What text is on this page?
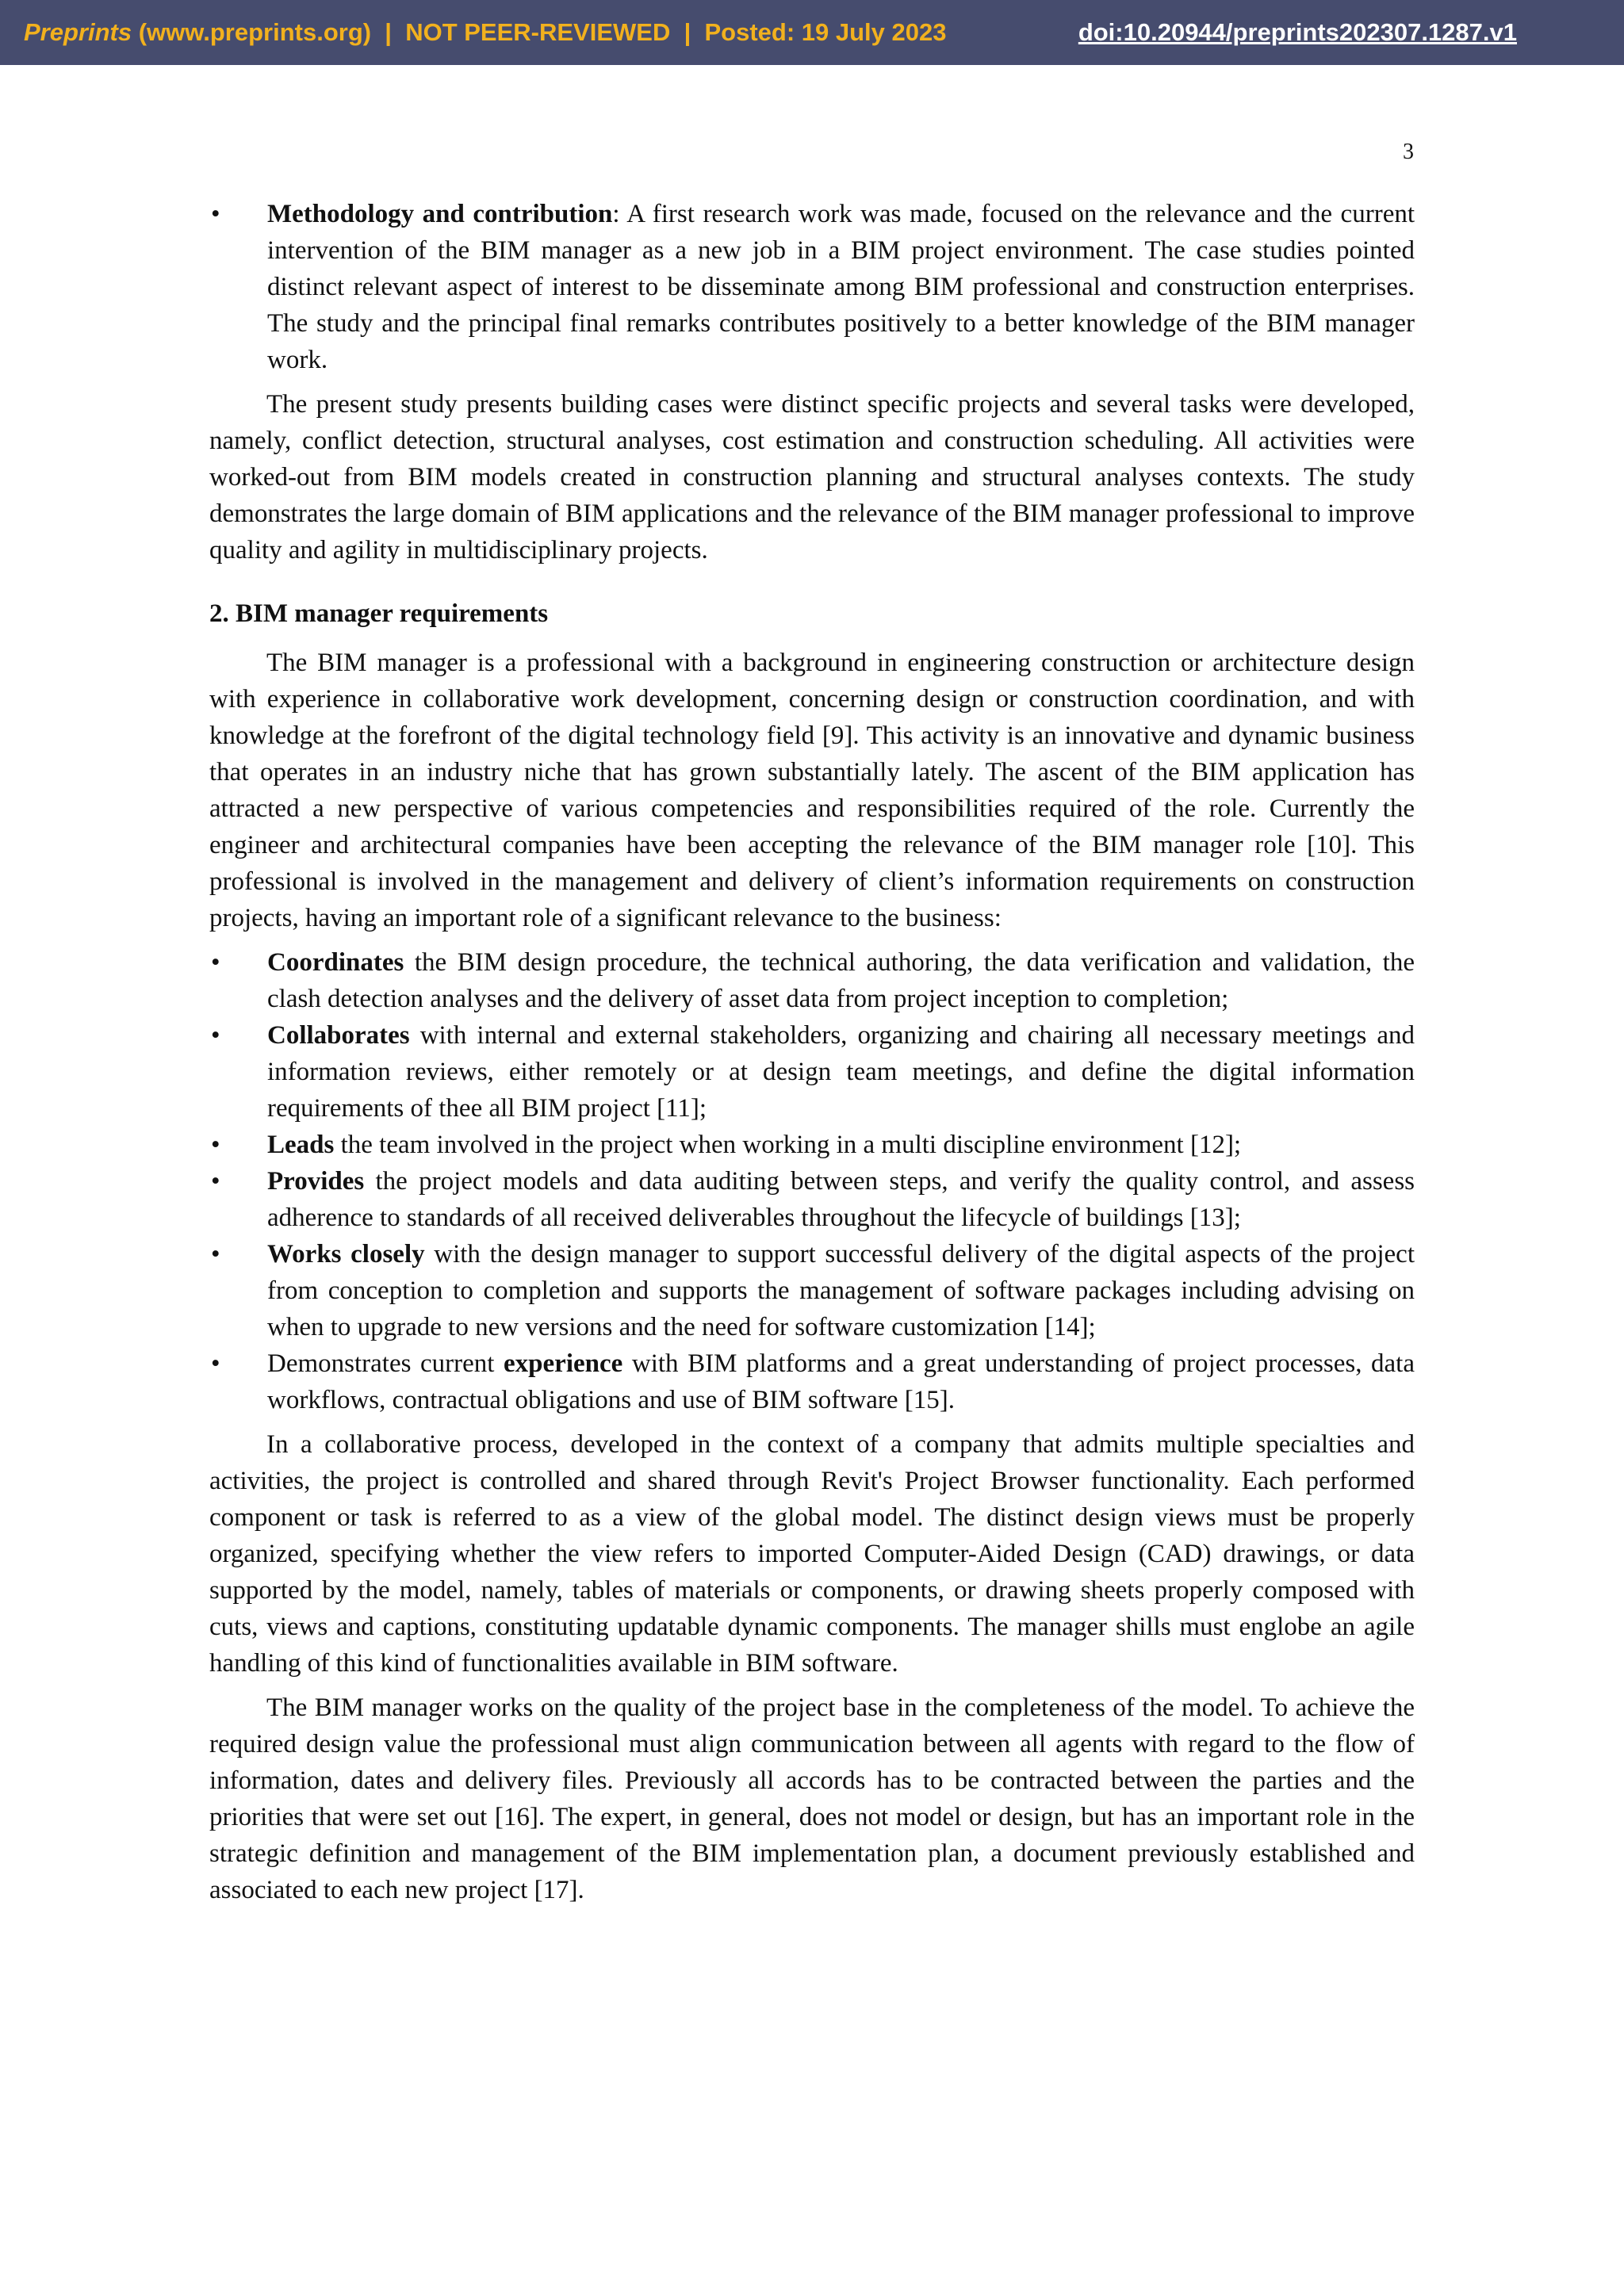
Preprints (www.preprints.org)  |  NOT PEER-REVIEWED  |  Posted: 19 July 2023	doi:10.20944/preprints202307.1287.v1
3
• Methodology and contribution: A first research work was made, focused on the relevance and the current intervention of the BIM manager as a new job in a BIM project environment. The case studies pointed distinct relevant aspect of interest to be disseminate among BIM professional and construction enterprises. The study and the principal final remarks contributes positively to a better knowledge of the BIM manager work.

The present study presents building cases were distinct specific projects and several tasks were developed, namely, conflict detection, structural analyses, cost estimation and construction scheduling. All activities were worked-out from BIM models created in construction planning and structural analyses contexts. The study demonstrates the large domain of BIM applications and the relevance of the BIM manager professional to improve quality and agility in multidisciplinary projects.

2. BIM manager requirements

The BIM manager is a professional with a background in engineering construction or architecture design with experience in collaborative work development, concerning design or construction coordination, and with knowledge at the forefront of the digital technology field [9]. This activity is an innovative and dynamic business that operates in an industry niche that has grown substantially lately. The ascent of the BIM application has attracted a new perspective of various competencies and responsibilities required of the role. Currently the engineer and architectural companies have been accepting the relevance of the BIM manager role [10]. This professional is involved in the management and delivery of client’s information requirements on construction projects, having an important role of a significant relevance to the business:

• Coordinates the BIM design procedure, the technical authoring, the data verification and validation, the clash detection analyses and the delivery of asset data from project inception to completion;
• Collaborates with internal and external stakeholders, organizing and chairing all necessary meetings and information reviews, either remotely or at design team meetings, and define the digital information requirements of thee all BIM project [11];
• Leads the team involved in the project when working in a multi discipline environment [12];
• Provides the project models and data auditing between steps, and verify the quality control, and assess adherence to standards of all received deliverables throughout the lifecycle of buildings [13];
• Works closely with the design manager to support successful delivery of the digital aspects of the project from conception to completion and supports the management of software packages including advising on when to upgrade to new versions and the need for software customization [14];
• Demonstrates current experience with BIM platforms and a great understanding of project processes, data workflows, contractual obligations and use of BIM software [15].

In a collaborative process, developed in the context of a company that admits multiple specialties and activities, the project is controlled and shared through Revit's Project Browser functionality. Each performed component or task is referred to as a view of the global model. The distinct design views must be properly organized, specifying whether the view refers to imported Computer-Aided Design (CAD) drawings, or data supported by the model, namely, tables of materials or components, or drawing sheets properly composed with cuts, views and captions, constituting updatable dynamic components. The manager shills must englobe an agile handling of this kind of functionalities available in BIM software.

The BIM manager works on the quality of the project base in the completeness of the model. To achieve the required design value the professional must align communication between all agents with regard to the flow of information, dates and delivery files. Previously all accords has to be contracted between the parties and the priorities that were set out [16]. The expert, in general, does not model or design, but has an important role in the strategic definition and management of the BIM implementation plan, a document previously established and associated to each new project [17].
